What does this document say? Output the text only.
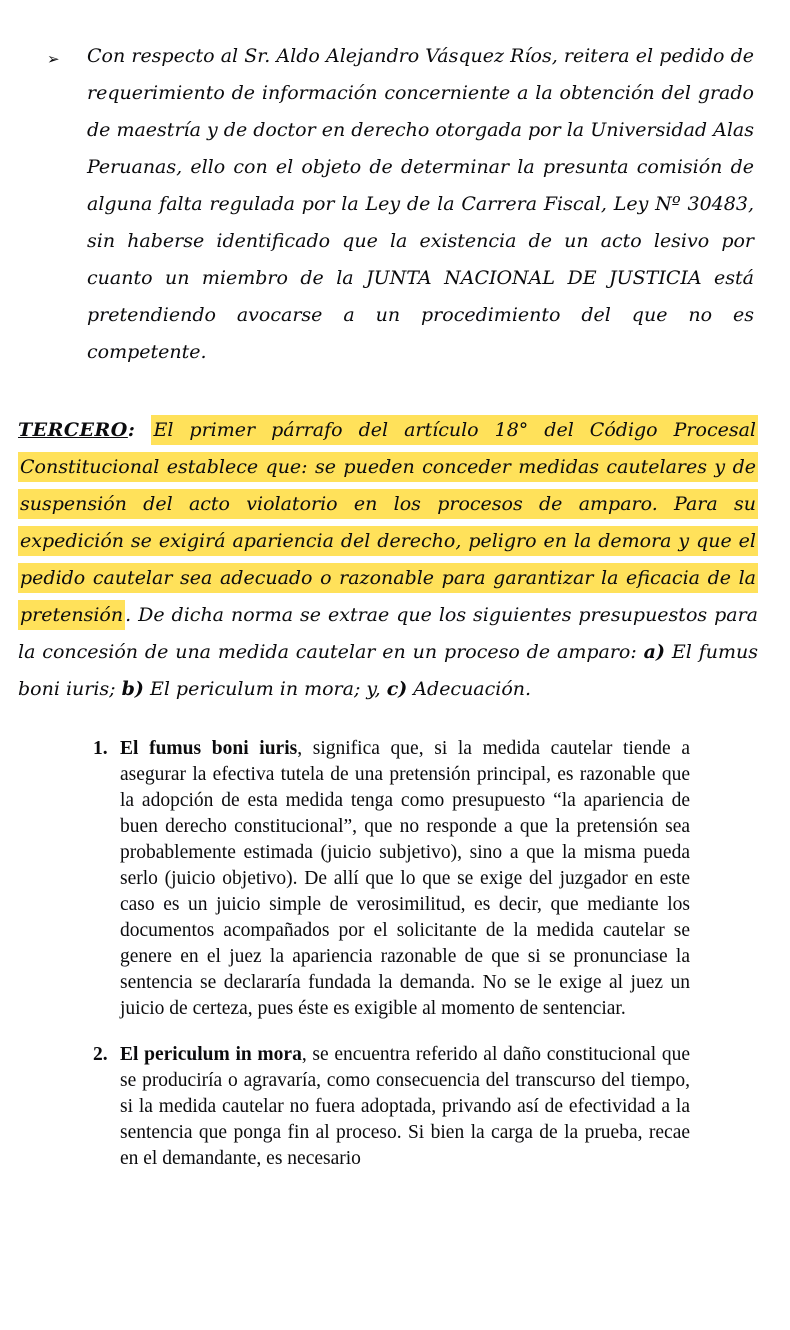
➢ Con respecto al Sr. Aldo Alejandro Vásquez Ríos, reitera el pedido de requerimiento de información concerniente a la obtención del grado de maestría y de doctor en derecho otorgada por la Universidad Alas Peruanas, ello con el objeto de determinar la presunta comisión de alguna falta regulada por la Ley de la Carrera Fiscal, Ley Nº 30483, sin haberse identificado que la existencia de un acto lesivo por cuanto un miembro de la JUNTA NACIONAL DE JUSTICIA está pretendiendo avocarse a un procedimiento del que no es competente.

TERCERO: El primer párrafo del artículo 18° del Código Procesal Constitucional establece que: se pueden conceder medidas cautelares y de suspensión del acto violatorio en los procesos de amparo. Para su expedición se exigirá apariencia del derecho, peligro en la demora y que el pedido cautelar sea adecuado o razonable para garantizar la eficacia de la pretensión . De dicha norma se extrae que los siguientes presupuestos para la concesión de una medida cautelar en un proceso de amparo: a) El fumus boni iuris; b) El periculum in mora; y, c) Adecuación.

1. El fumus boni iuris, significa que, si la medida cautelar tiende a asegurar la efectiva tutela de una pretensión principal, es razonable que la adopción de esta medida tenga como presupuesto “la apariencia de buen derecho constitucional”, que no responde a que la pretensión sea probablemente estimada (juicio subjetivo), sino a que la misma pueda serlo (juicio objetivo). De allí que lo que se exige del juzgador en este caso es un juicio simple de verosimilitud, es decir, que mediante los documentos acompañados por el solicitante de la medida cautelar se genere en el juez la apariencia razonable de que si se pronunciase la sentencia se declararía fundada la demanda. No se le exige al juez un juicio de certeza, pues éste es exigible al momento de sentenciar.
2. El periculum in mora, se encuentra referido al daño constitucional que se produciría o agravaría, como consecuencia del transcurso del tiempo, si la medida cautelar no fuera adoptada, privando así de efectividad a la sentencia que ponga fin al proceso. Si bien la carga de la prueba, recae en el demandante, es necesario
